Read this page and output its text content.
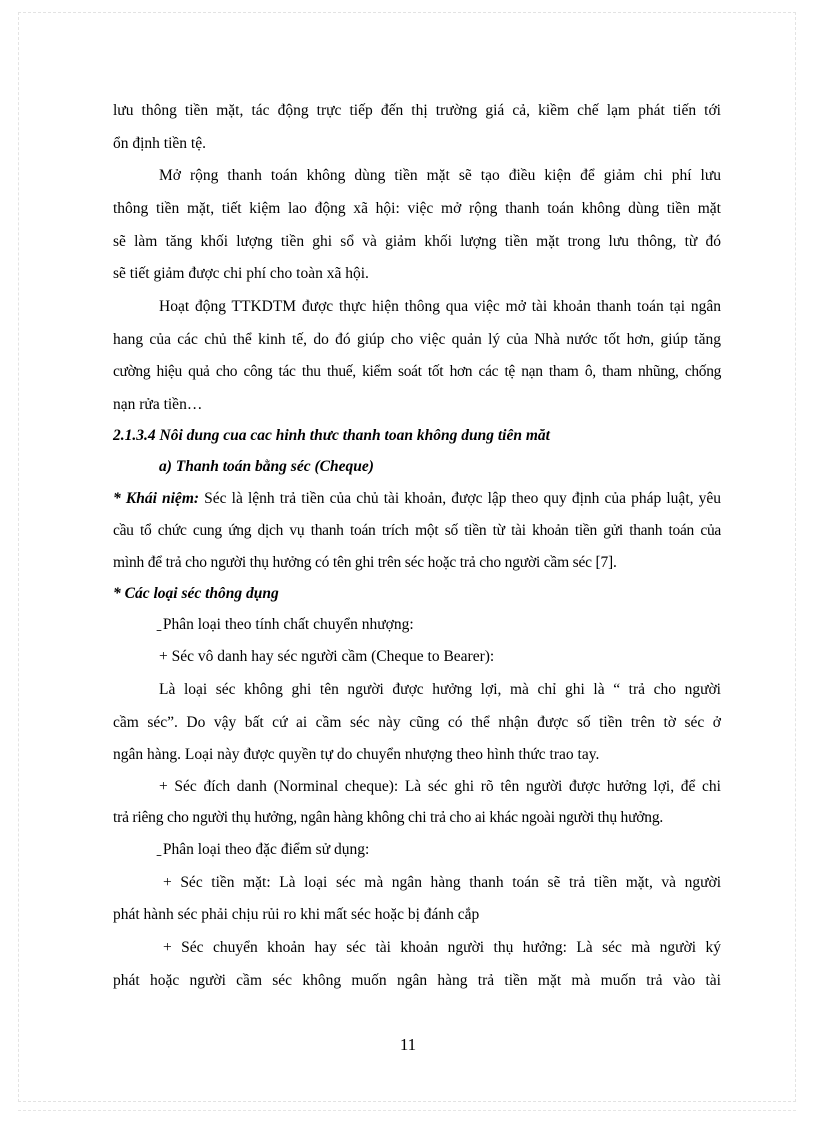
lưu thông tiền mặt, tác động trực tiếp đến thị trường giá cả, kiềm chế lạm phát tiến tới
ổn định tiền tệ.
Mở rộng thanh toán không dùng tiền mặt sẽ tạo điều kiện để giảm chi phí lưu
thông tiền mặt, tiết kiệm lao động xã hội: việc mở rộng thanh toán không dùng tiền mặt
sẽ làm tăng khối lượng tiền ghi sổ và giảm khối lượng tiền mặt trong lưu thông, từ đó
sẽ tiết giảm được chi phí cho toàn xã hội.
Hoạt động TTKDTM được thực hiện thông qua việc mở tài khoản thanh toán tại ngân
hang của các chủ thể kinh tế, do đó giúp cho việc quản lý của Nhà nước tốt hơn, giúp tăng
cường hiệu quả cho công tác thu thuế, kiểm soát tốt hơn các tệ nạn tham ô, tham nhũng, chống
nạn rửa tiền…
2.1.3.4 Nôi dung cua cac hinh thưc thanh toan không dung tiên măt
a) Thanh toán bằng séc (Cheque)
* Khái niệm: Séc là lệnh trả tiền của chủ tài khoản, được lập theo quy định của pháp luật, yêu
cầu tổ chức cung ứng dịch vụ thanh toán trích một số tiền từ tài khoản tiền gửi thanh toán của
mình để trả cho người thụ hưởng có tên ghi trên séc hoặc trả cho người cầm séc [7].
* Các loại séc thông dụng
̠ Phân loại theo tính chất chuyển nhượng:
+ Séc vô danh hay séc người cầm (Cheque to Bearer):
Là loại séc không ghi tên người được hưởng lợi, mà chỉ ghi là “ trả cho người
cầm séc”. Do vậy bất cứ ai cầm séc này cũng có thể nhận được số tiền trên tờ séc ở
ngân hàng. Loại này được quyền tự do chuyển nhượng theo hình thức trao tay.
+ Séc đích danh (Norminal cheque): Là séc ghi rõ tên người được hưởng lợi, để chi
trả riêng cho người thụ hưởng, ngân hàng không chi trả cho ai khác ngoài người thụ hưởng.
̠ Phân loại theo đặc điểm sử dụng:
+ Séc tiền mặt: Là loại séc mà ngân hàng thanh toán sẽ trả tiền mặt, và người
phát hành séc phải chịu rủi ro khi mất séc hoặc bị đánh cắp
+ Séc chuyển khoản hay séc tài khoản người thụ hưởng: Là séc mà người ký
phát hoặc người cầm séc không muốn ngân hàng trả tiền mặt mà muốn trả vào tài
11
